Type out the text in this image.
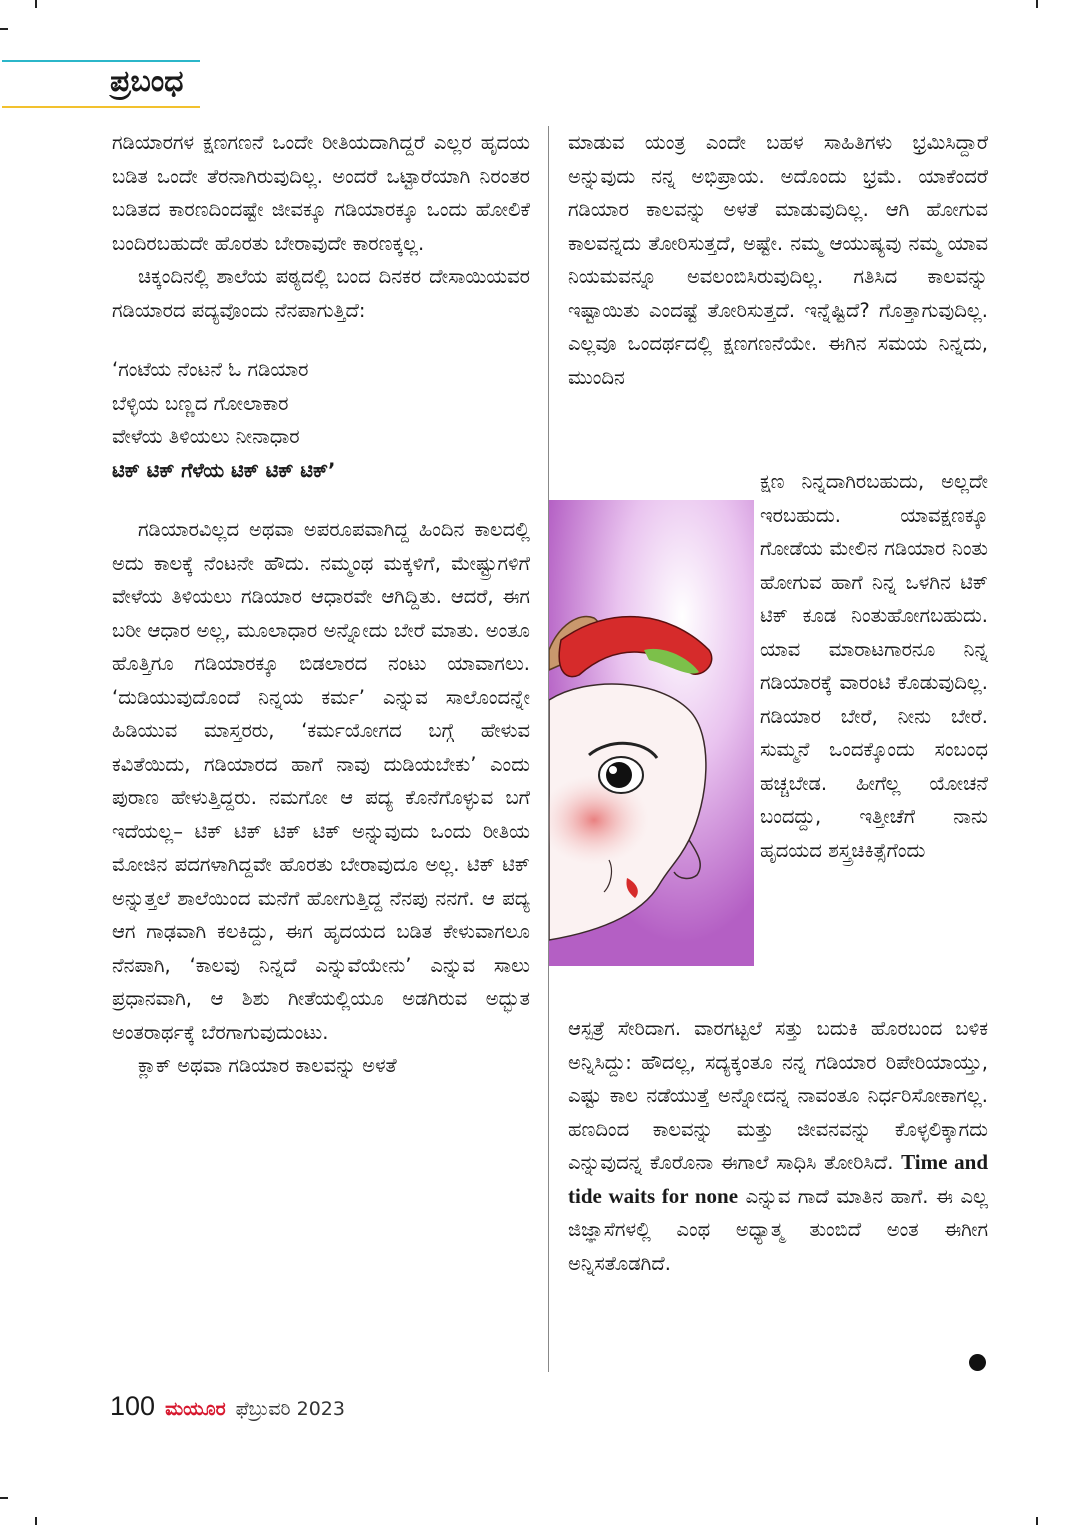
ಪ್ರಬಂಧ

ಗಡಿಯಾರಗಳ ಕ್ಷಣಗಣನೆ ಒಂದೇ ರೀತಿಯದಾಗಿದ್ದರೆ ಎಲ್ಲರ ಹೃದಯ ಬಡಿತ ಒಂದೇ ತೆರನಾಗಿರುವುದಿಲ್ಲ. ಅಂದರೆ ಒಟ್ಟಾರೆಯಾಗಿ ನಿರಂತರ ಬಡಿತದ ಕಾರಣದಿಂದಷ್ಟೇ ಜೀವಕ್ಕೂ ಗಡಿಯಾರಕ್ಕೂ ಒಂದು ಹೋಲಿಕೆ ಬಂದಿರಬಹುದೇ ಹೊರತು ಬೇರಾವುದೇ ಕಾರಣಕ್ಕಲ್ಲ.

ಚಿಕ್ಕಂದಿನಲ್ಲಿ ಶಾಲೆಯ ಪಠ್ಯದಲ್ಲಿ ಬಂದ ದಿನಕರ ದೇಸಾಯಿಯವರ ಗಡಿಯಾರದ ಪದ್ಯವೊಂದು ನೆನಪಾಗುತ್ತಿದೆ:

‘ಗಂಟೆಯ ನೆಂಟನೆ ಓ ಗಡಿಯಾರ
ಬೆಳ್ಳಿಯ ಬಣ್ಣದ ಗೋಲಾಕಾರ
ವೇಳೆಯ ತಿಳಿಯಲು ನೀನಾಧಾರ
ಟಿಕ್ ಟಿಕ್ ಗೆಳೆಯ ಟಿಕ್ ಟಿಕ್ ಟಿಕ್’

ಗಡಿಯಾರವಿಲ್ಲದ ಅಥವಾ ಅಪರೂಪವಾಗಿದ್ದ ಹಿಂದಿನ ಕಾಲದಲ್ಲಿ ಅದು ಕಾಲಕ್ಕೆ ನೆಂಟನೇ ಹೌದು. ನಮ್ಮಂಥ ಮಕ್ಕಳಿಗೆ, ಮೇಷ್ಟ್ರುಗಳಿಗೆ ವೇಳೆಯ ತಿಳಿಯಲು ಗಡಿಯಾರ ಆಧಾರವೇ ಆಗಿದ್ದಿತು. ಆದರೆ, ಈಗ ಬರೀ ಆಧಾರ ಅಲ್ಲ, ಮೂಲಾಧಾರ ಅನ್ನೋದು ಬೇರೆ ಮಾತು. ಅಂತೂ ಹೊತ್ತಿಗೂ ಗಡಿಯಾರಕ್ಕೂ ಬಿಡಲಾರದ ನಂಟು ಯಾವಾಗಲು. ‘ದುಡಿಯುವುದೊಂದೆ ನಿನ್ನಯ ಕರ್ಮ’ ಎನ್ನುವ ಸಾಲೊಂದನ್ನೇ ಹಿಡಿಯುವ ಮಾಸ್ತರರು, ‘ಕರ್ಮಯೋಗದ ಬಗ್ಗೆ ಹೇಳುವ ಕವಿತೆಯಿದು, ಗಡಿಯಾರದ ಹಾಗೆ ನಾವು ದುಡಿಯಬೇಕು’ ಎಂದು ಪುರಾಣ ಹೇಳುತ್ತಿದ್ದರು. ನಮಗೋ ಆ ಪದ್ಯ ಕೊನೆಗೊಳ್ಳುವ ಬಗೆ ಇದೆಯಲ್ಲ– ಟಿಕ್ ಟಿಕ್ ಟಿಕ್ ಟಿಕ್ ಅನ್ನುವುದು ಒಂದು ರೀತಿಯ ಮೋಜಿನ ಪದಗಳಾಗಿದ್ದವೇ ಹೊರತು ಬೇರಾವುದೂ ಅಲ್ಲ. ಟಿಕ್ ಟಿಕ್ ಅನ್ನುತ್ತಲೆ ಶಾಲೆಯಿಂದ ಮನೆಗೆ ಹೋಗುತ್ತಿದ್ದ ನೆನಪು ನನಗೆ. ಆ ಪದ್ಯ ಆಗ ಗಾಢವಾಗಿ ಕಲಕಿದ್ದು, ಈಗ ಹೃದಯದ ಬಡಿತ ಕೇಳುವಾಗಲೂ ನೆನಪಾಗಿ, ‘ಕಾಲವು ನಿನ್ನದೆ ಎನ್ನುವೆಯೇನು’ ಎನ್ನುವ ಸಾಲು ಪ್ರಧಾನವಾಗಿ, ಆ ಶಿಶು ಗೀತೆಯಲ್ಲಿಯೂ ಅಡಗಿರುವ ಅದ್ಭುತ ಅಂತರಾರ್ಥಕ್ಕೆ ಬೆರಗಾಗುವುದುಂಟು.

ಕ್ಲಾಕ್ ಅಥವಾ ಗಡಿಯಾರ ಕಾಲವನ್ನು ಅಳತೆ

ಮಾಡುವ ಯಂತ್ರ ಎಂದೇ ಬಹಳ ಸಾಹಿತಿಗಳು ಭ್ರಮಿಸಿದ್ದಾರೆ ಅನ್ನುವುದು ನನ್ನ ಅಭಿಪ್ರಾಯ. ಅದೊಂದು ಭ್ರಮೆ. ಯಾಕೆಂದರೆ ಗಡಿಯಾರ ಕಾಲವನ್ನು ಅಳತೆ ಮಾಡುವುದಿಲ್ಲ. ಆಗಿ ಹೋಗುವ ಕಾಲವನ್ನದು ತೋರಿಸುತ್ತದೆ, ಅಷ್ಟೇ. ನಮ್ಮ ಆಯುಷ್ಯವು ನಮ್ಮ ಯಾವ ನಿಯಮವನ್ನೂ ಅವಲಂಬಿಸಿರುವುದಿಲ್ಲ. ಗತಿಸಿದ ಕಾಲವನ್ನು ಇಷ್ಟಾಯಿತು ಎಂದಷ್ಟೆ ತೋರಿಸುತ್ತದೆ. ಇನ್ನೆಷ್ಟಿದೆ? ಗೊತ್ತಾಗುವುದಿಲ್ಲ. ಎಲ್ಲವೂ ಒಂದರ್ಥದಲ್ಲಿ ಕ್ಷಣಗಣನೆಯೇ. ಈಗಿನ ಸಮಯ ನಿನ್ನದು, ಮುಂದಿನ

ಕ್ಷಣ ನಿನ್ನದಾಗಿರಬಹುದು, ಅಲ್ಲದೇ ಇರಬಹುದು. ಯಾವಕ್ಷಣಕ್ಕೂ ಗೋಡೆಯ ಮೇಲಿನ ಗಡಿಯಾರ ನಿಂತು ಹೋಗುವ ಹಾಗೆ ನಿನ್ನ ಒಳಗಿನ ಟಿಕ್ ಟಿಕ್ ಕೂಡ ನಿಂತುಹೋಗಬಹುದು. ಯಾವ ಮಾರಾಟಗಾರನೂ ನಿನ್ನ ಗಡಿಯಾರಕ್ಕೆ ವಾರಂಟಿ ಕೊಡುವುದಿಲ್ಲ. ಗಡಿಯಾರ ಬೇರೆ, ನೀನು ಬೇರೆ. ಸುಮ್ಮನೆ ಒಂದಕ್ಕೊಂದು ಸಂಬಂಧ ಹಚ್ಚಬೇಡ. ಹೀಗೆಲ್ಲ ಯೋಚನೆ ಬಂದದ್ದು, ಇತ್ತೀಚೆಗೆ ನಾನು ಹೃದಯದ ಶಸ್ತ್ರಚಿಕಿತ್ಸೆಗೆಂದು

ಆಸ್ಪತ್ರೆ ಸೇರಿದಾಗ. ವಾರಗಟ್ಟಲೆ ಸತ್ತು ಬದುಕಿ ಹೊರಬಂದ ಬಳಿಕ ಅನ್ನಿಸಿದ್ದು: ಹೌದಲ್ಲ, ಸದ್ಯಕ್ಕಂತೂ ನನ್ನ ಗಡಿಯಾರ ರಿಪೇರಿಯಾಯ್ತು, ಎಷ್ಟು ಕಾಲ ನಡೆಯುತ್ತೆ ಅನ್ನೋದನ್ನ ನಾವಂತೂ ನಿರ್ಧರಿಸೋಕಾಗಲ್ಲ. ಹಣದಿಂದ ಕಾಲವನ್ನು ಮತ್ತು ಜೀವನವನ್ನು ಕೊಳ್ಳಲಿಕ್ಕಾಗದು ಎನ್ನುವುದನ್ನ ಕೊರೊನಾ ಈಗಾಲೆ ಸಾಧಿಸಿ ತೋರಿಸಿದೆ. Time and tide waits for none ಎನ್ನುವ ಗಾದೆ ಮಾತಿನ ಹಾಗೆ. ಈ ಎಲ್ಲ ಜಿಜ್ಞಾಸೆಗಳಲ್ಲಿ ಎಂಥ ಅಧ್ಯಾತ್ಮ ತುಂಬಿದೆ ಅಂತ ಈಗೀಗ ಅನ್ನಿಸತೊಡಗಿದೆ.

100 ಮಯೂರ ಫೆಬ್ರುವರಿ 2023
